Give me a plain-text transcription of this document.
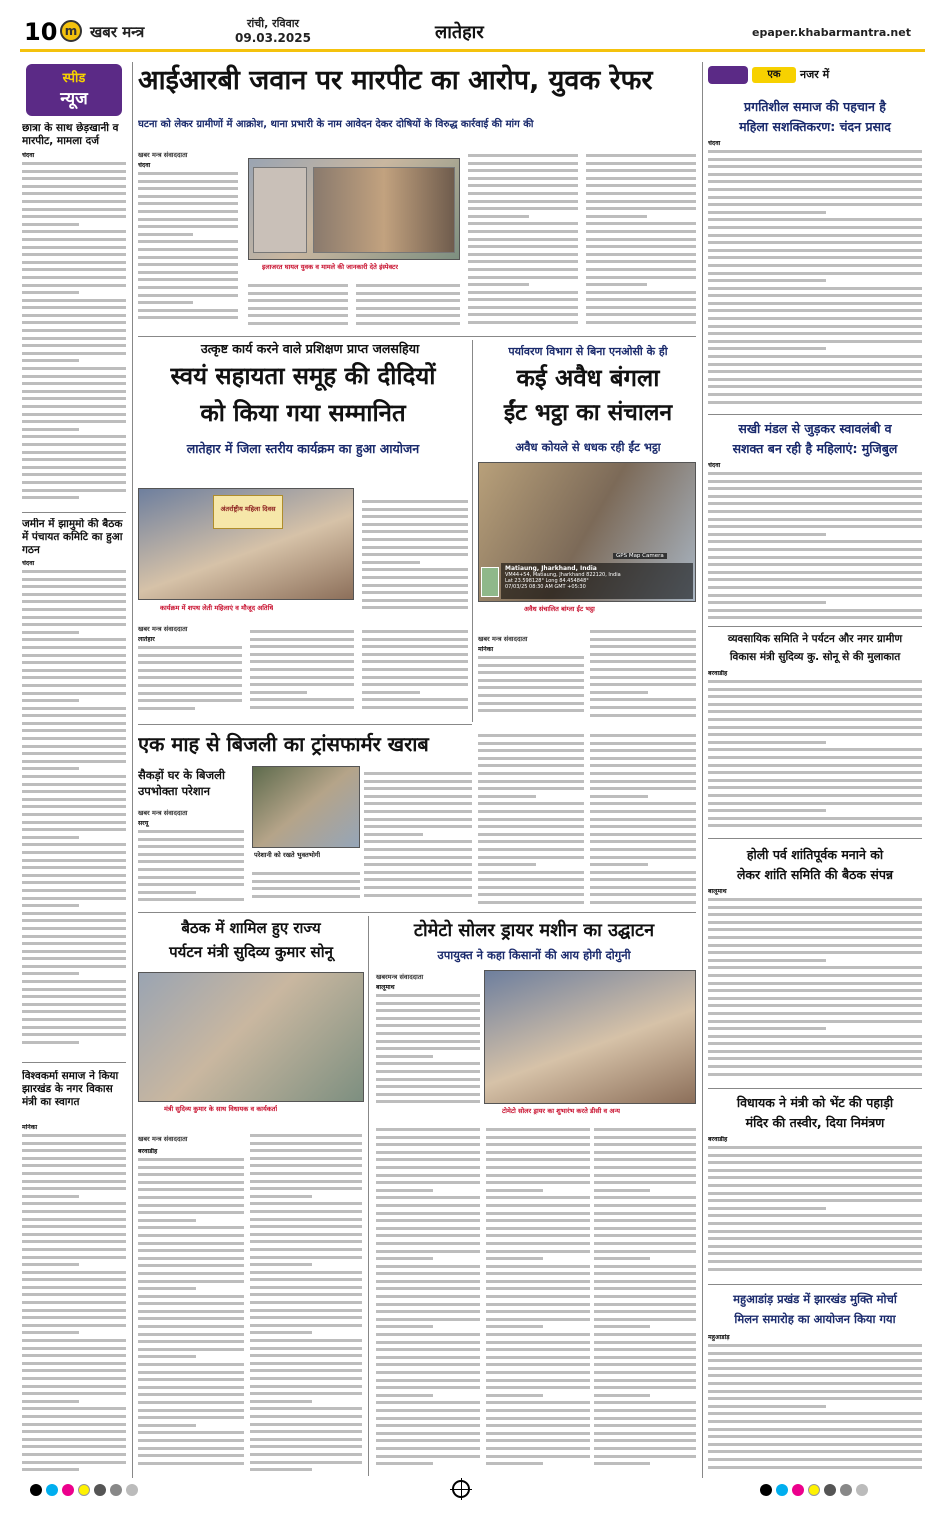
10 m खबर मन्त्र	रांची, रविवार
09.03.2025	लातेहार	epaper.khabarmantra.net
स्पीड
न्यूज
छात्रा के साथ छेड़खानी व मारपीट, मामला दर्ज

चंदवा

जमीन में झामुमो की बैठक में पंचायत कमिटि का हुआ गठन

चंदवा

विश्वकर्मा समाज ने किया झारखंड के नगर विकास मंत्री का स्वागत

मनिका

आईआरबी जवान पर मारपीट का आरोप, युवक रेफर
घटना को लेकर ग्रामीणों में आक्रोश, थाना प्रभारी के नाम आवेदन देकर दोषियों के विरुद्ध कार्रवाई की मांग की
खबर मन्त्र संवाददाता

चंदवा

इलाजरत घायल युवक व मामले की जानकारी देते इंस्पेक्टर
उत्कृष्ट कार्य करने वाले प्रशिक्षण प्राप्त जलसहिया
स्वयं सहायता समूह की दीदियों
को किया गया सम्मानित
लातेहार में जिला स्तरीय कार्यक्रम का हुआ आयोजन
अंतर्राष्ट्रीय महिला दिवस
कार्यक्रम में शपथ लेती महिलाएं व मौजूद अतिथि
खबर मन्त्र संवाददाता

लातेहार

पर्यावरण विभाग से बिना एनओसी के ही
कई अवैध बंगला
ईंट भट्ठा का संचालन
अवैध कोयले से धधक रही ईंट भट्ठा
GPS Map Camera
Matiaung, Jharkhand, India
VM44+54, Matiaung, Jharkhand 822120, India
Lat 23.598128° Long 84.454848°
07/03/25 08:30 AM GMT +05:30
अवैध संचालित बांग्ला ईंट भट्ठा
खबर मन्त्र संवाददाता

मनिका

एक माह से बिजली का ट्रांसफार्मर खराब
सैकड़ों घर के बिजली
उपभोक्ता परेशान
खबर मन्त्र संवाददाता

सरयू

परेशानी को रखते भुक्तभोगी
बैठक में शामिल हुए राज्य
पर्यटन मंत्री सुदिव्य कुमार सोनू
मंत्री सुदिव्य कुमार के साथ विधायक व कार्यकर्ता
खबर मन्त्र संवाददाता

बरवाडीह

टोमेटो सोलर ड्रायर मशीन का उद्घाटन
उपायुक्त ने कहा किसानों की आय होगी दोगुनी
खबरमन्त्र संवाददाता

बालूमाथ

टोमेटो सोलर ड्रायर का शुभारंभ करते डीसी व अन्य
एक	नजर में
प्रगतिशील समाज की पहचान है
महिला सशक्तिकरण: चंदन प्रसाद

चंदवा

सखी मंडल से जुड़कर स्वावलंबी व
सशक्त बन रही है महिलाएं: मुजिबुल

चंदवा

व्यवसायिक समिति ने पर्यटन और नगर ग्रामीण
विकास मंत्री सुदिव्य कु. सोनू से की मुलाकात

बरवाडीह

होली पर्व शांतिपूर्वक मनाने को
लेकर शांति समिति की बैठक संपन्न

बालूमाथ

विधायक ने मंत्री को भेंट की पहाड़ी
मंदिर की तस्वीर, दिया निमंत्रण

बरवाडीह

महुआडांड़ प्रखंड में झारखंड मुक्ति मोर्चा
मिलन समारोह का आयोजन किया गया

महुआडांड़
